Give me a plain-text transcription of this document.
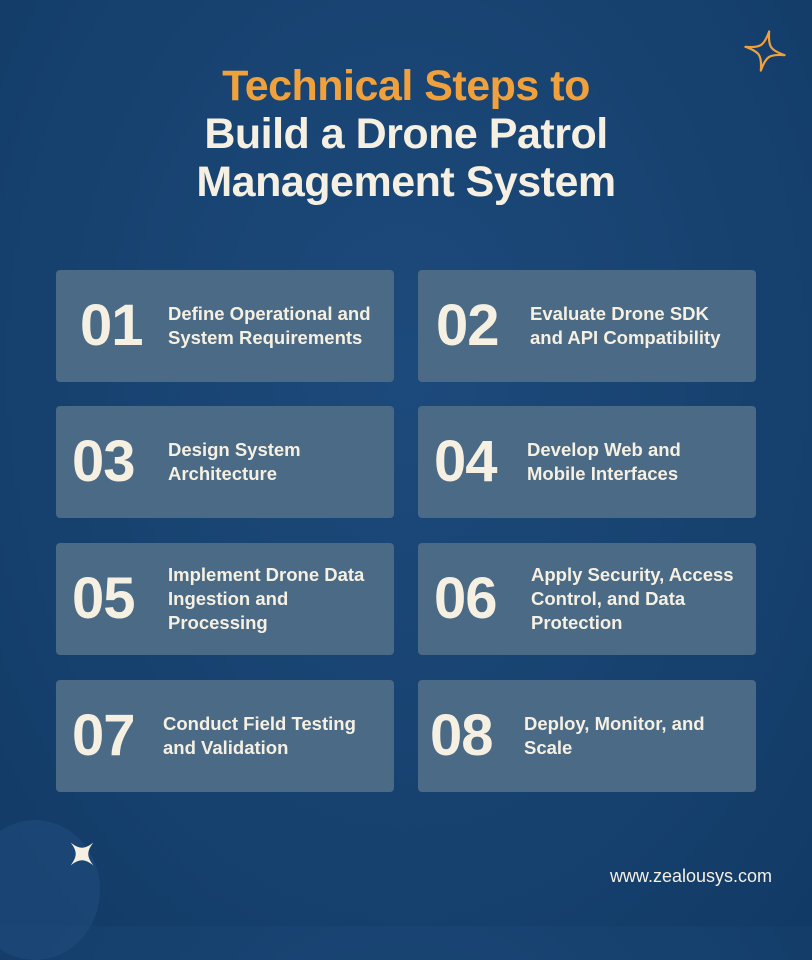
Technical Steps to
Build a Drone Patrol
Management System
01 Define Operational and System Requirements	02 Evaluate Drone SDK and API Compatibility
03 Design System Architecture	04 Develop Web and Mobile Interfaces
05 Implement Drone Data Ingestion and Processing	06 Apply Security, Access Control, and Data Protection
07 Conduct Field Testing and Validation	08 Deploy, Monitor, and Scale
www.zealousys.com
